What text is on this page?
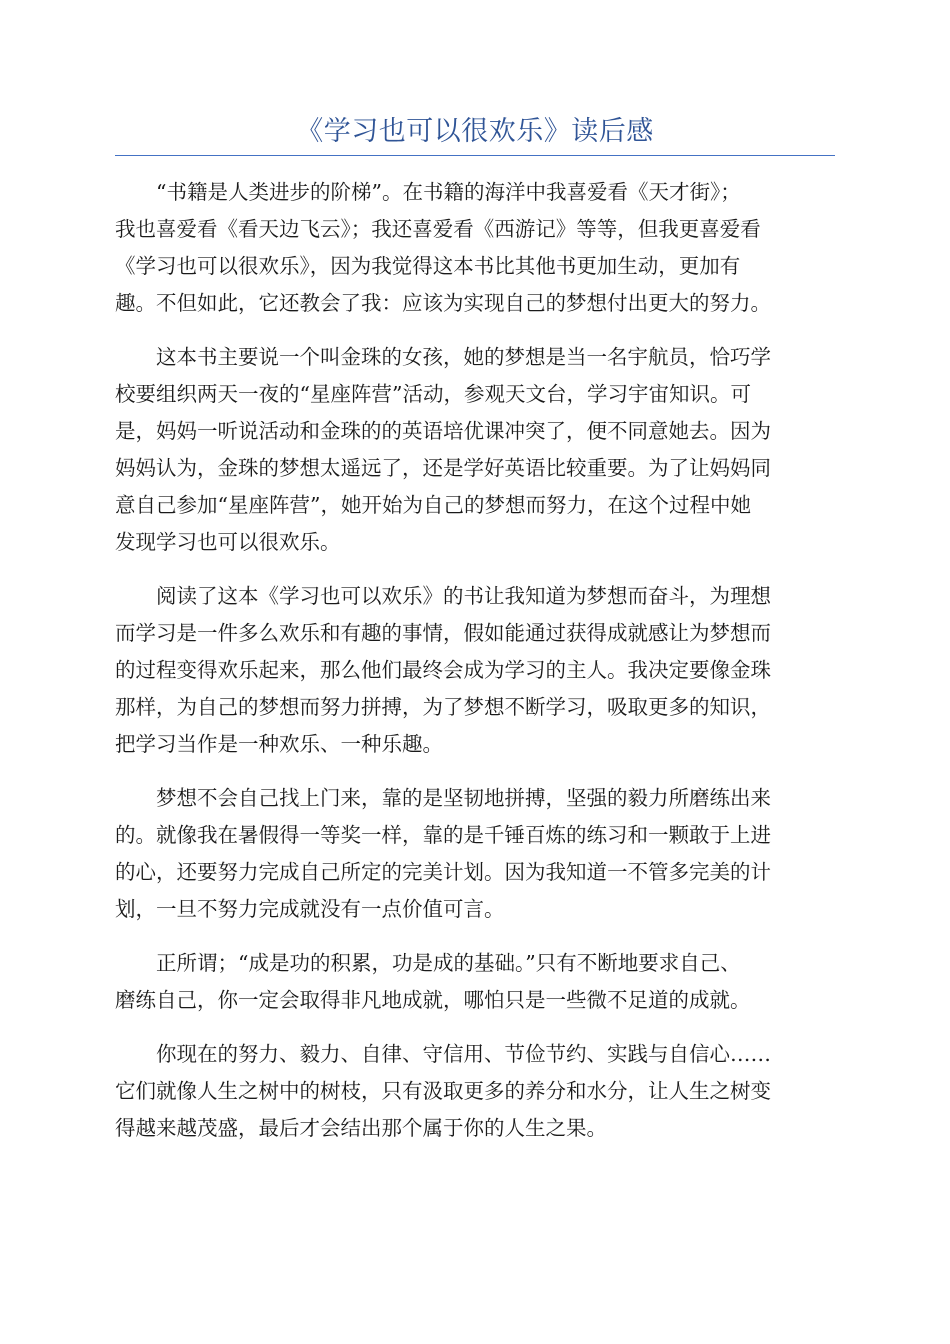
《学习也可以很欢乐》读后感
“书籍是人类进步的阶梯”。在书籍的海洋中我喜爱看《天才街》；
我也喜爱看《看天边飞云》；我还喜爱看《西游记》等等，但我更喜爱看
《学习也可以很欢乐》，因为我觉得这本书比其他书更加生动，更加有
趣。不但如此，它还教会了我：应该为实现自己的梦想付出更大的努力。
这本书主要说一个叫金珠的女孩，她的梦想是当一名宇航员，恰巧学
校要组织两天一夜的“星座阵营”活动，参观天文台，学习宇宙知识。可
是，妈妈一听说活动和金珠的的英语培优课冲突了，便不同意她去。因为
妈妈认为，金珠的梦想太遥远了，还是学好英语比较重要。为了让妈妈同
意自己参加“星座阵营”，她开始为自己的梦想而努力，在这个过程中她
发现学习也可以很欢乐。
阅读了这本《学习也可以欢乐》的书让我知道为梦想而奋斗，为理想
而学习是一件多么欢乐和有趣的事情，假如能通过获得成就感让为梦想而
的过程变得欢乐起来，那么他们最终会成为学习的主人。我决定要像金珠
那样，为自己的梦想而努力拼搏，为了梦想不断学习，吸取更多的知识，
把学习当作是一种欢乐、一种乐趣。
梦想不会自己找上门来，靠的是坚韧地拼搏，坚强的毅力所磨练出来
的。就像我在暑假得一等奖一样，靠的是千锤百炼的练习和一颗敢于上进
的心，还要努力完成自己所定的完美计划。因为我知道一不管多完美的计
划，一旦不努力完成就没有一点价值可言。
正所谓；“成是功的积累，功是成的基础。”只有不断地要求自己、
磨练自己，你一定会取得非凡地成就，哪怕只是一些微不足道的成就。
你现在的努力、毅力、自律、守信用、节俭节约、实践与自信心……
它们就像人生之树中的树枝，只有汲取更多的养分和水分，让人生之树变
得越来越茂盛，最后才会结出那个属于你的人生之果。
